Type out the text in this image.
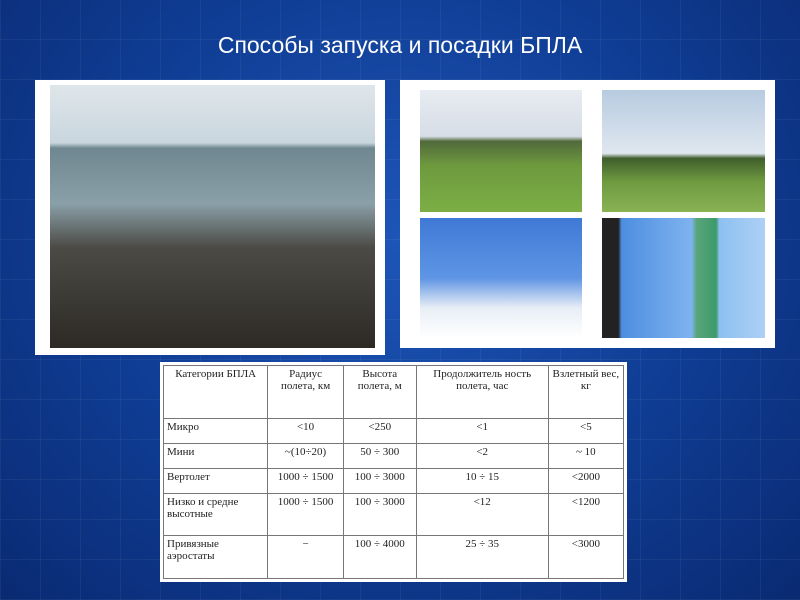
Способы запуска и посадки БПЛА
Категории БПЛА	Радиус полета, км	Высота полета, м	Продолжитель ность полета, час	Взлетный вес, кг
Микро	<10	<250	<1	<5
Мини	~(10÷20)	50 ÷ 300	<2	~ 10
Вертолет	1000 ÷ 1500	100 ÷ 3000	10 ÷ 15	<2000
Низко и средне высотные	1000 ÷ 1500	100 ÷ 3000	<12	<1200
Привязные аэростаты	−	100 ÷ 4000	25 ÷ 35	<3000
